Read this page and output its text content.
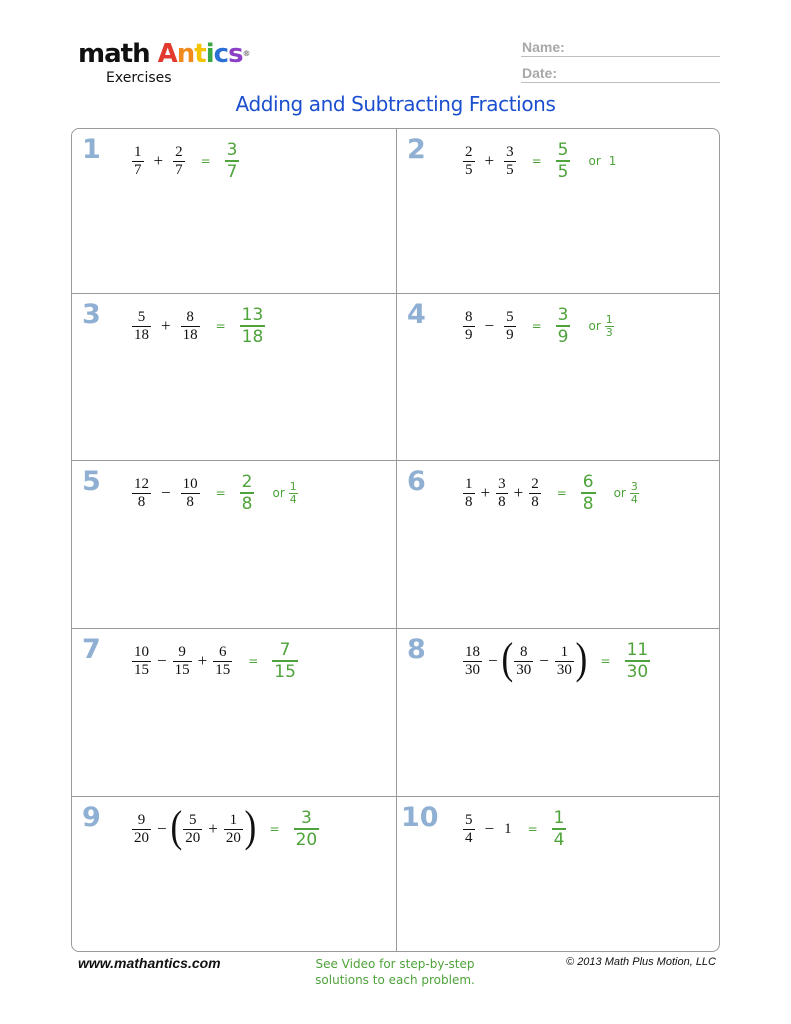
math Antics®
Exercises
Name:
Date:
Adding and Subtracting Fractions
$1 \frac{1}{7} + \frac{2}{7}$ =
3
7
$2 \frac{2}{5} + \frac{3}{5}$ =
5
5
or 1
$3 \frac{5}{18} + \frac{8}{18}$ =
13
18
$4 \frac{8}{9} - \frac{5}{9}$ =
3
9
or 1
3
$5 \frac{12}{8} - \frac{10}{8}$ =
2
8
or 1
4
$6 \frac{1}{8} + \frac{3}{8} + \frac{2}{8}$ =
6
8
or 3
4
$7 \frac{10}{15} - \frac{9}{15} + \frac{6}{15}$ =
7
15
$8 \frac{18}{30}$ − ( $\frac{8}{30} - \frac{1}{30}$ ) =
11
30
$9 \frac{9}{20}$ − ( $\frac{5}{20} + \frac{1}{20}$ ) =
3
20
$10 \frac{5}{4} - 1$ =
1
4
www.mathantics.com	See Video for step-by-step
solutions to each problem.
© 2013 Math Plus Motion, LLC
